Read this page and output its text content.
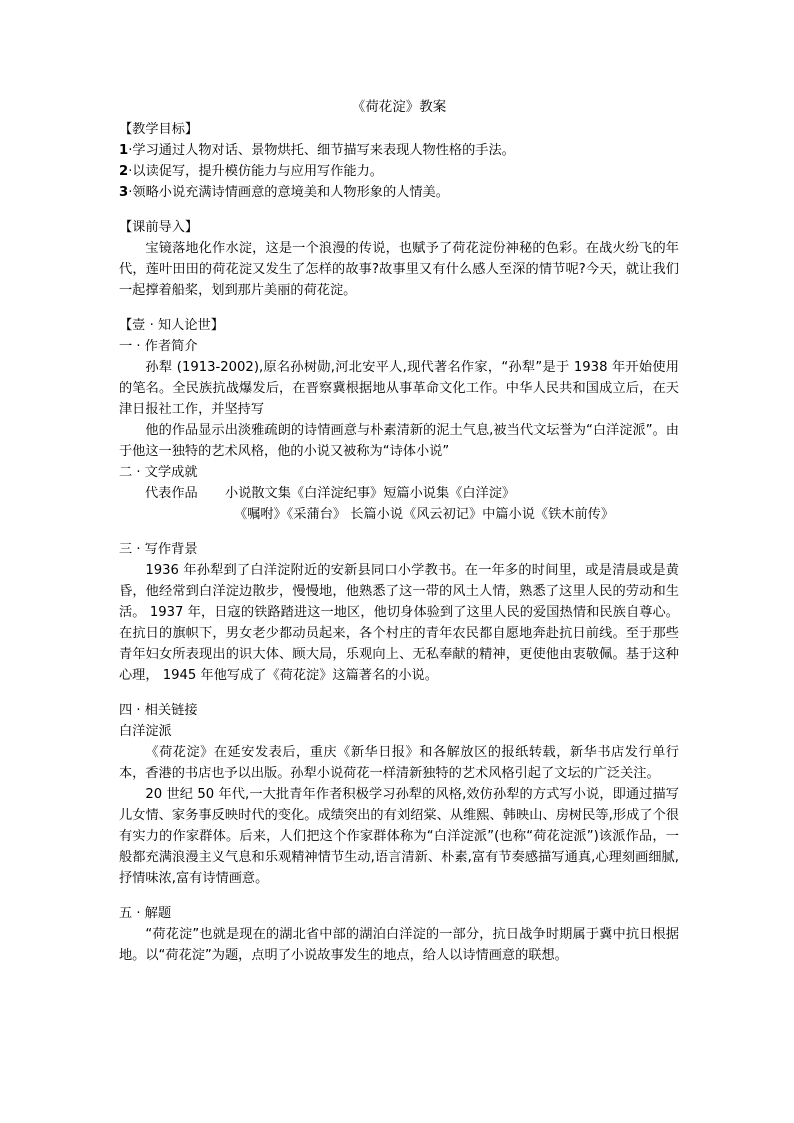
《荷花淀》教案

【教学目标】

1·学习通过人物对话、景物烘托、细节描写来表现人物性格的手法。

2·以读促写，提升模仿能力与应用写作能力。

3·领略小说充满诗情画意的意境美和人物形象的人情美。

【课前导入】

宝镜落地化作水淀，这是一个浪漫的传说，也赋予了荷花淀份神秘的色彩。在战火纷飞的年代，莲叶田田的荷花淀又发生了怎样的故事?故事里又有什么感人至深的情节呢?今天，就让我们一起撑着船桨，划到那片美丽的荷花淀。

【壹 · 知人论世】

一 · 作者简介

孙犁 (1913-2002),原名孙树勋,河北安平人,现代著名作家，“孙犁”是于 1938 年开始使用的笔名。全民族抗战爆发后，在晋察冀根据地从事革命文化工作。中华人民共和国成立后，在天津日报社工作，并坚持写

他的作品显示出淡雅疏朗的诗情画意与朴素清新的泥土气息,被当代文坛誉为“白洋淀派”。由于他这一独特的艺术风格，他的小说又被称为“诗体小说”

二 · 文学成就

代表作品 小说散文集《白洋淀纪事》短篇小说集《白洋淀》
《嘱咐》《采蒲台》 长篇小说《风云初记》中篇小说《铁木前传》

三 · 写作背景

1936 年孙犁到了白洋淀附近的安新县同口小学教书。在一年多的时间里，或是清晨或是黄昏，他经常到白洋淀边散步，慢慢地，他熟悉了这一带的风土人情，熟悉了这里人民的劳动和生活。 1937 年，日寇的铁路踏进这一地区，他切身体验到了这里人民的爱国热情和民族自尊心。在抗日的旗帜下，男女老少都动员起来，各个村庄的青年农民都自愿地奔赴抗日前线。至于那些青年妇女所表现出的识大体、顾大局，乐观向上、无私奉献的精神，更使他由衷敬佩。基于这种心理， 1945 年他写成了《荷花淀》这篇著名的小说。

四 · 相关链接

白洋淀派

《荷花淀》在延安发表后，重庆《新华日报》和各解放区的报纸转载，新华书店发行单行本，香港的书店也予以出版。孙犁小说荷花一样清新独特的艺术风格引起了文坛的广泛关注。

20 世纪 50 年代,一大批青年作者积极学习孙犁的风格,效仿孙犁的方式写小说，即通过描写儿女情、家务事反映时代的变化。成绩突出的有刘绍棠、从维熙、韩映山、房树民等,形成了个很有实力的作家群体。后来，人们把这个作家群体称为“白洋淀派”(也称“荷花淀派”)该派作品，一般都充满浪漫主义气息和乐观精神情节生动,语言清新、朴素,富有节奏感描写通真,心理刻画细腻,抒情味浓,富有诗情画意。

五 · 解题

“荷花淀”也就是现在的湖北省中部的湖泊白洋淀的一部分，抗日战争时期属于冀中抗日根据地。以“荷花淀”为题，点明了小说故事发生的地点，给人以诗情画意的联想。
